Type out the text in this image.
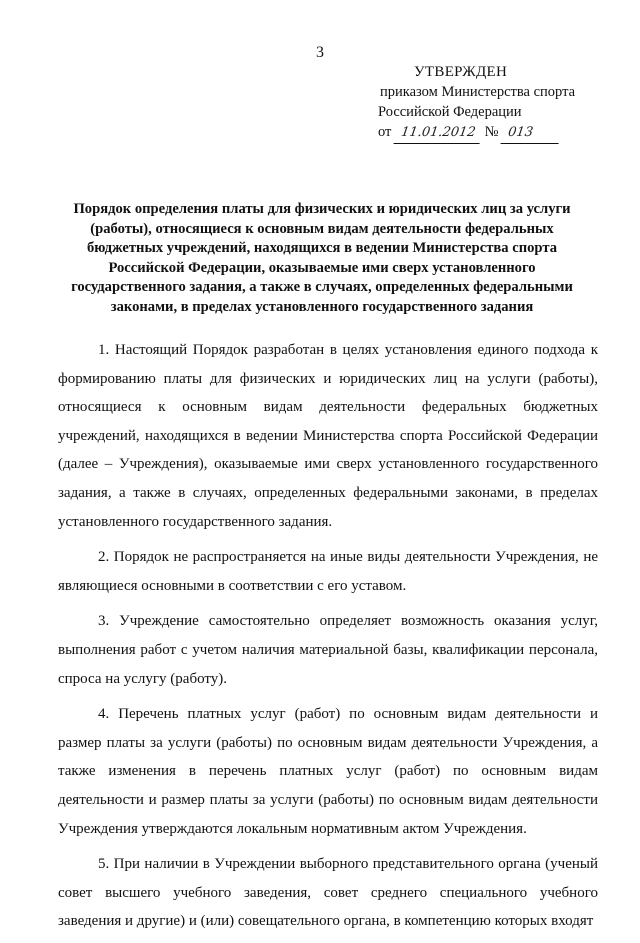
3
УТВЕРЖДЕН
приказом Министерства спорта
Российской Федерации
от 11.01.2012 № 013
Порядок определения платы для физических и юридических лиц за услуги (работы), относящиеся к основным видам деятельности федеральных бюджетных учреждений, находящихся в ведении Министерства спорта Российской Федерации, оказываемые ими сверх установленного государственного задания, а также в случаях, определенных федеральными законами, в пределах установленного государственного задания

1. Настоящий Порядок разработан в целях установления единого подхода к формированию платы для физических и юридических лиц на услуги (работы), относящиеся к основным видам деятельности федеральных бюджетных учреждений, находящихся в ведении Министерства спорта Российской Федерации (далее – Учреждения), оказываемые ими сверх установленного государственного задания, а также в случаях, определенных федеральными законами, в пределах установленного государственного задания.

2. Порядок не распространяется на иные виды деятельности Учреждения, не являющиеся основными в соответствии с его уставом.

3. Учреждение самостоятельно определяет возможность оказания услуг, выполнения работ с учетом наличия материальной базы, квалификации персонала, спроса на услугу (работу).

4. Перечень платных услуг (работ) по основным видам деятельности и размер платы за услуги (работы) по основным видам деятельности Учреждения, а также изменения в перечень платных услуг (работ) по основным видам деятельности и размер платы за услуги (работы) по основным видам деятельности Учреждения утверждаются локальным нормативным актом Учреждения.

5. При наличии в Учреждении выборного представительного органа (ученый совет высшего учебного заведения, совет среднего специального учебного заведения и другие) и (или) совещательного органа, в компетенцию которых входят
